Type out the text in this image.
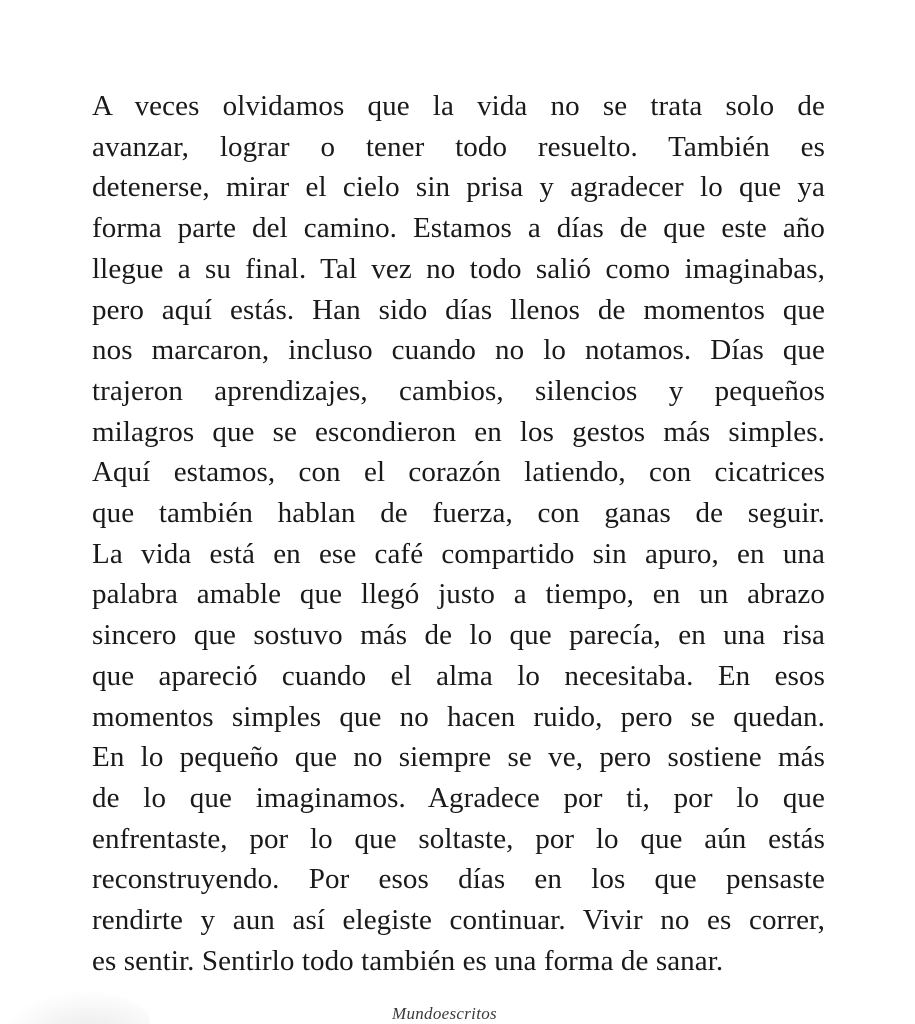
A veces olvidamos que la vida no se trata solo de
avanzar, lograr o tener todo resuelto. También es
detenerse, mirar el cielo sin prisa y agradecer lo que ya
forma parte del camino. Estamos a días de que este año
llegue a su final. Tal vez no todo salió como imaginabas,
pero aquí estás. Han sido días llenos de momentos que
nos marcaron, incluso cuando no lo notamos. Días que
trajeron aprendizajes, cambios, silencios y pequeños
milagros que se escondieron en los gestos más simples.
Aquí estamos, con el corazón latiendo, con cicatrices
que también hablan de fuerza, con ganas de seguir.
La vida está en ese café compartido sin apuro, en una
palabra amable que llegó justo a tiempo, en un abrazo
sincero que sostuvo más de lo que parecía, en una risa
que apareció cuando el alma lo necesitaba. En esos
momentos simples que no hacen ruido, pero se quedan.
En lo pequeño que no siempre se ve, pero sostiene más
de lo que imaginamos. Agradece por ti, por lo que
enfrentaste, por lo que soltaste, por lo que aún estás
reconstruyendo. Por esos días en los que pensaste
rendirte y aun así elegiste continuar. Vivir no es correr,
es sentir. Sentirlo todo también es una forma de sanar.
Mundoescritos
